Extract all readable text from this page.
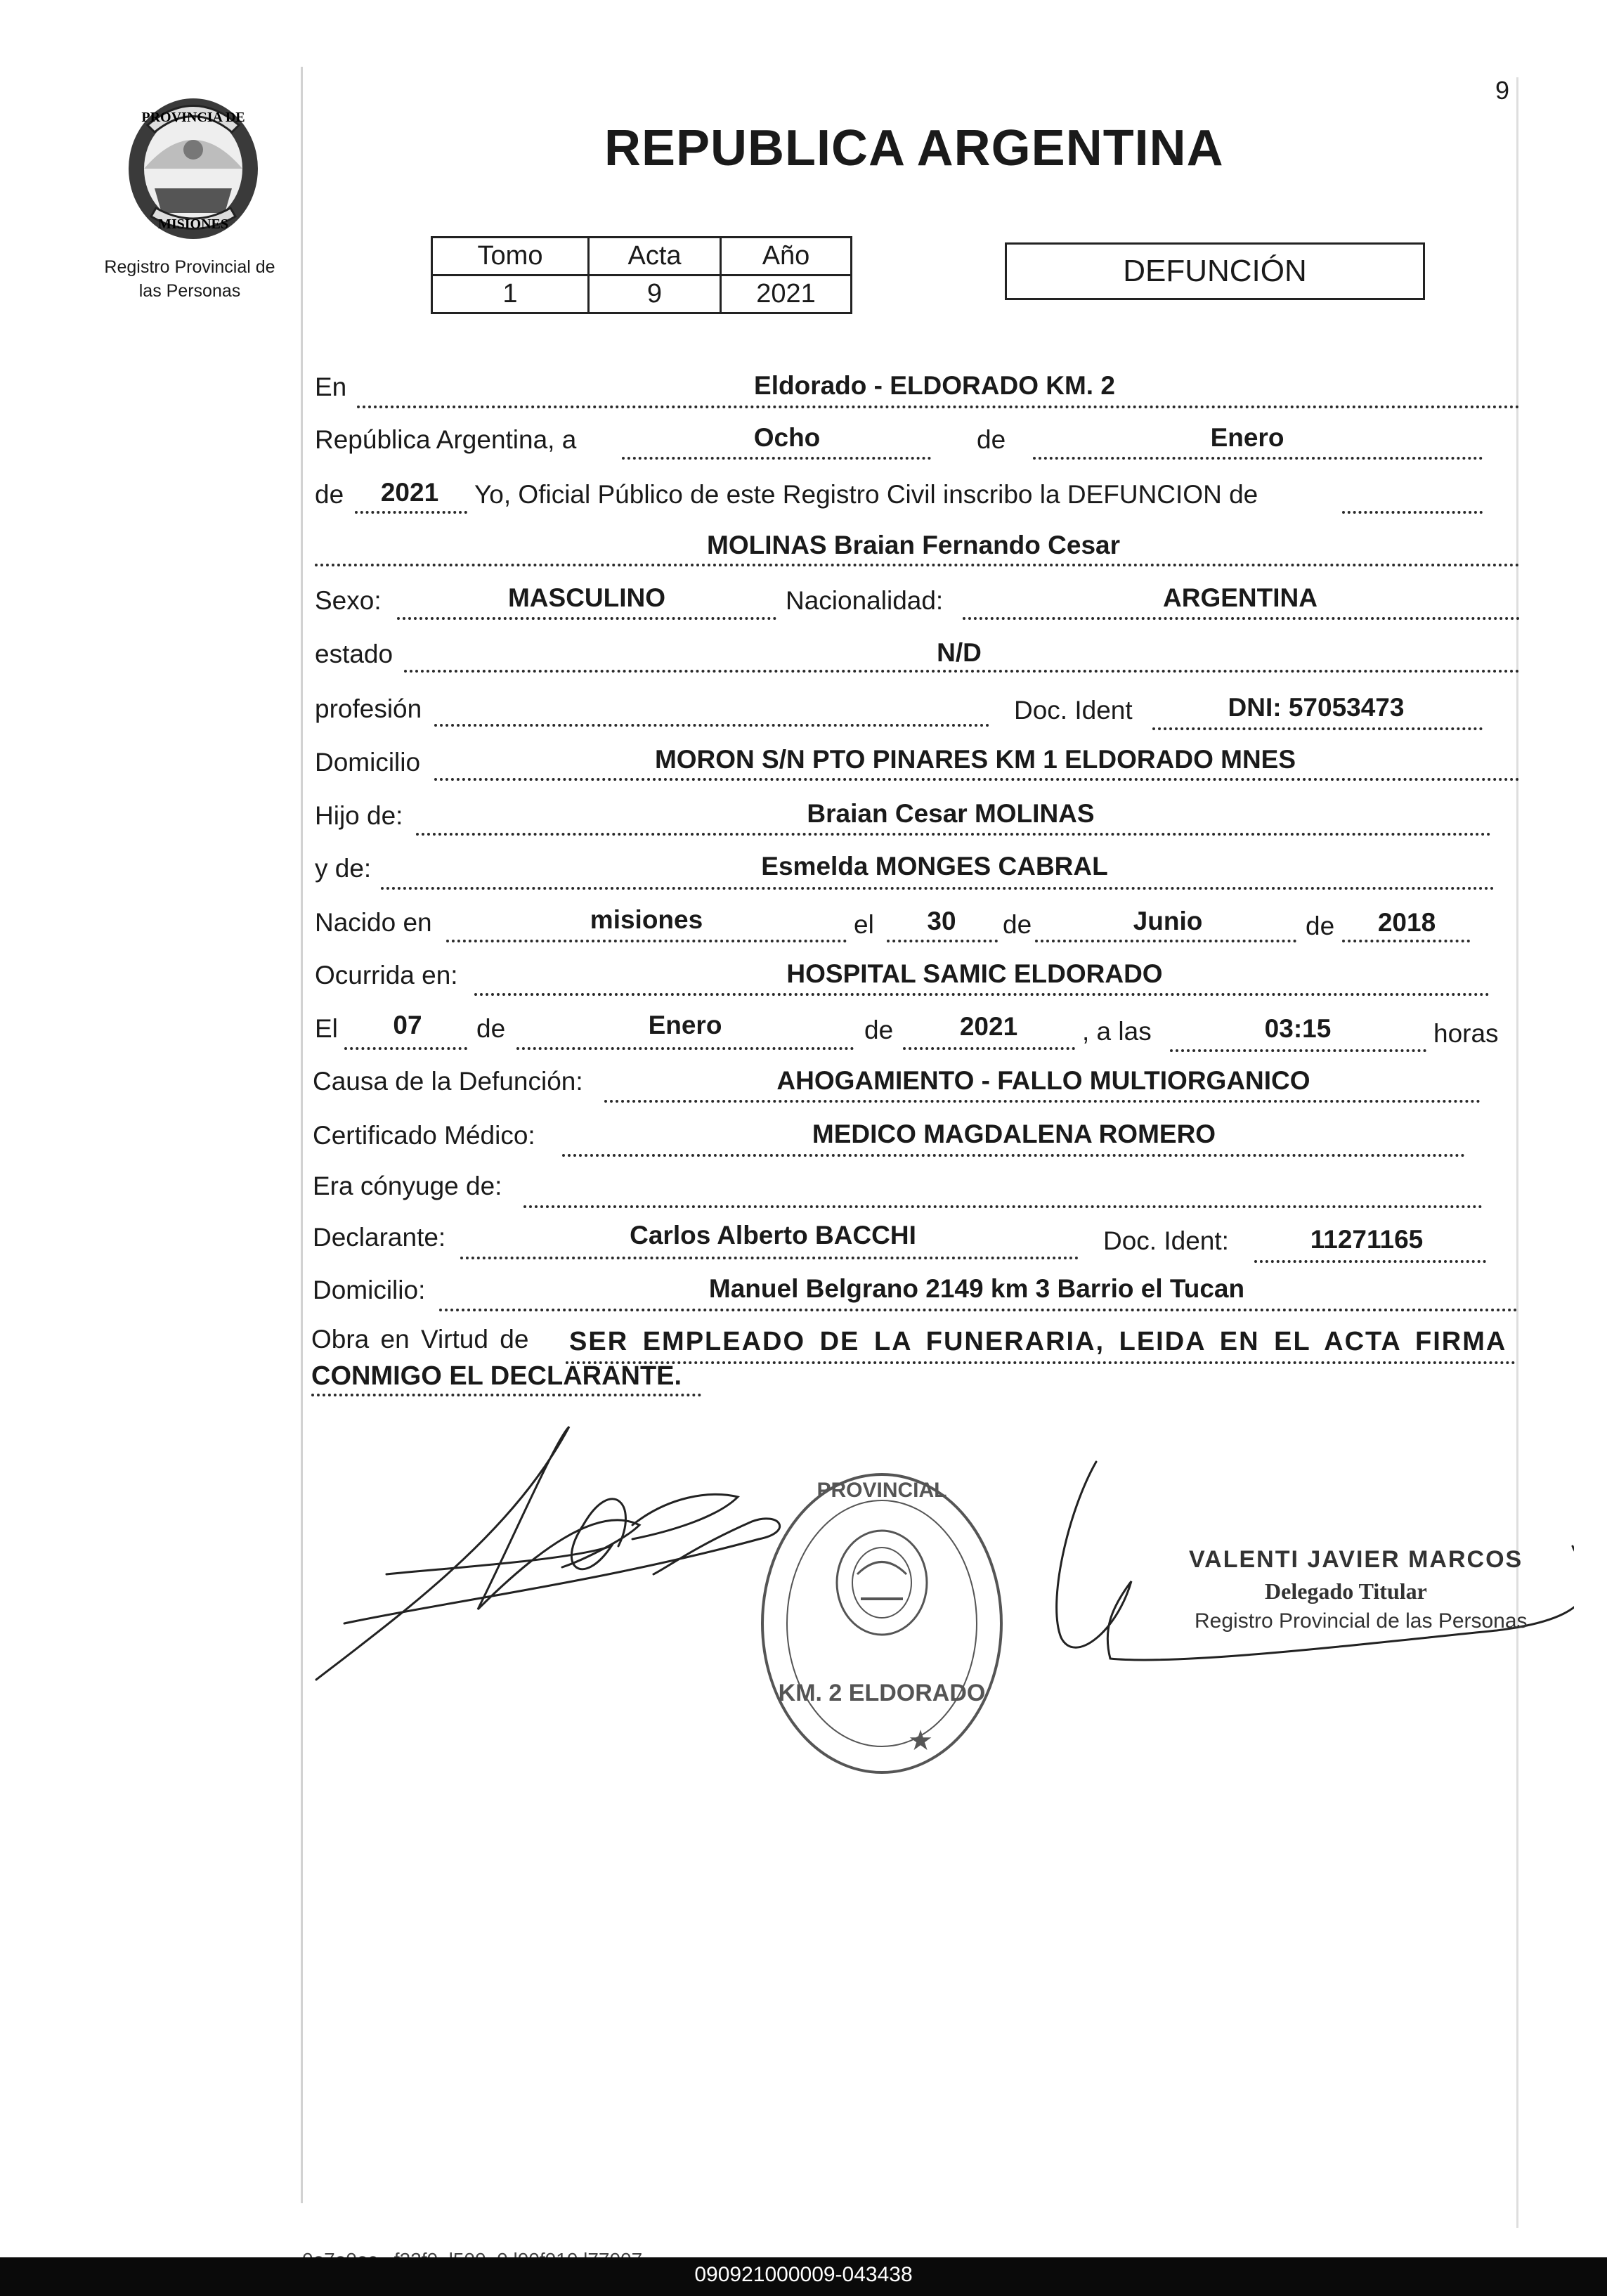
9
PROVINCIA DE
MISIONES
Registro Provincial de
las Personas
REPUBLICA ARGENTINA
Tomo	Acta	Año
1	9	2021
DEFUNCIÓN
En	Eldorado - ELDORADO KM. 2
República Argentina, a	Ocho	de	Enero
de 2021 Yo, Oficial Público de este Registro Civil inscribo la DEFUNCION de
MOLINAS Braian Fernando Cesar
Sexo:	MASCULINO	Nacionalidad:	ARGENTINA
estado	N/D
profesión	Doc. Ident	DNI: 57053473
Domicilio	MORON S/N PTO PINARES KM 1 ELDORADO MNES
Hijo de:	Braian Cesar MOLINAS
y de:	Esmelda MONGES CABRAL
Nacido en	misiones	el 30 de	Junio	de 2018
Ocurrida en:	HOSPITAL SAMIC ELDORADO
El 07 de	Enero	de	2021 , a las	03:15	horas
Causa de la Defunción:	AHOGAMIENTO - FALLO MULTIORGANICO
Certificado Médico:	MEDICO MAGDALENA ROMERO
Era cónyuge de:
Declarante:	Carlos Alberto BACCHI	Doc. Ident:	11271165
Domicilio:	Manuel Belgrano 2149 km 3 Barrio el Tucan
Obra en Virtud de SER EMPLEADO DE LA FUNERARIA, LEIDA EN EL ACTA FIRMA
CONMIGO EL DECLARANTE.
PROVINCIAL
KM. 2 ELDORADO
★
VALENTI JAVIER MARCOS
Delegado Titular
Registro Provincial de las Personas
090921000009-043438
